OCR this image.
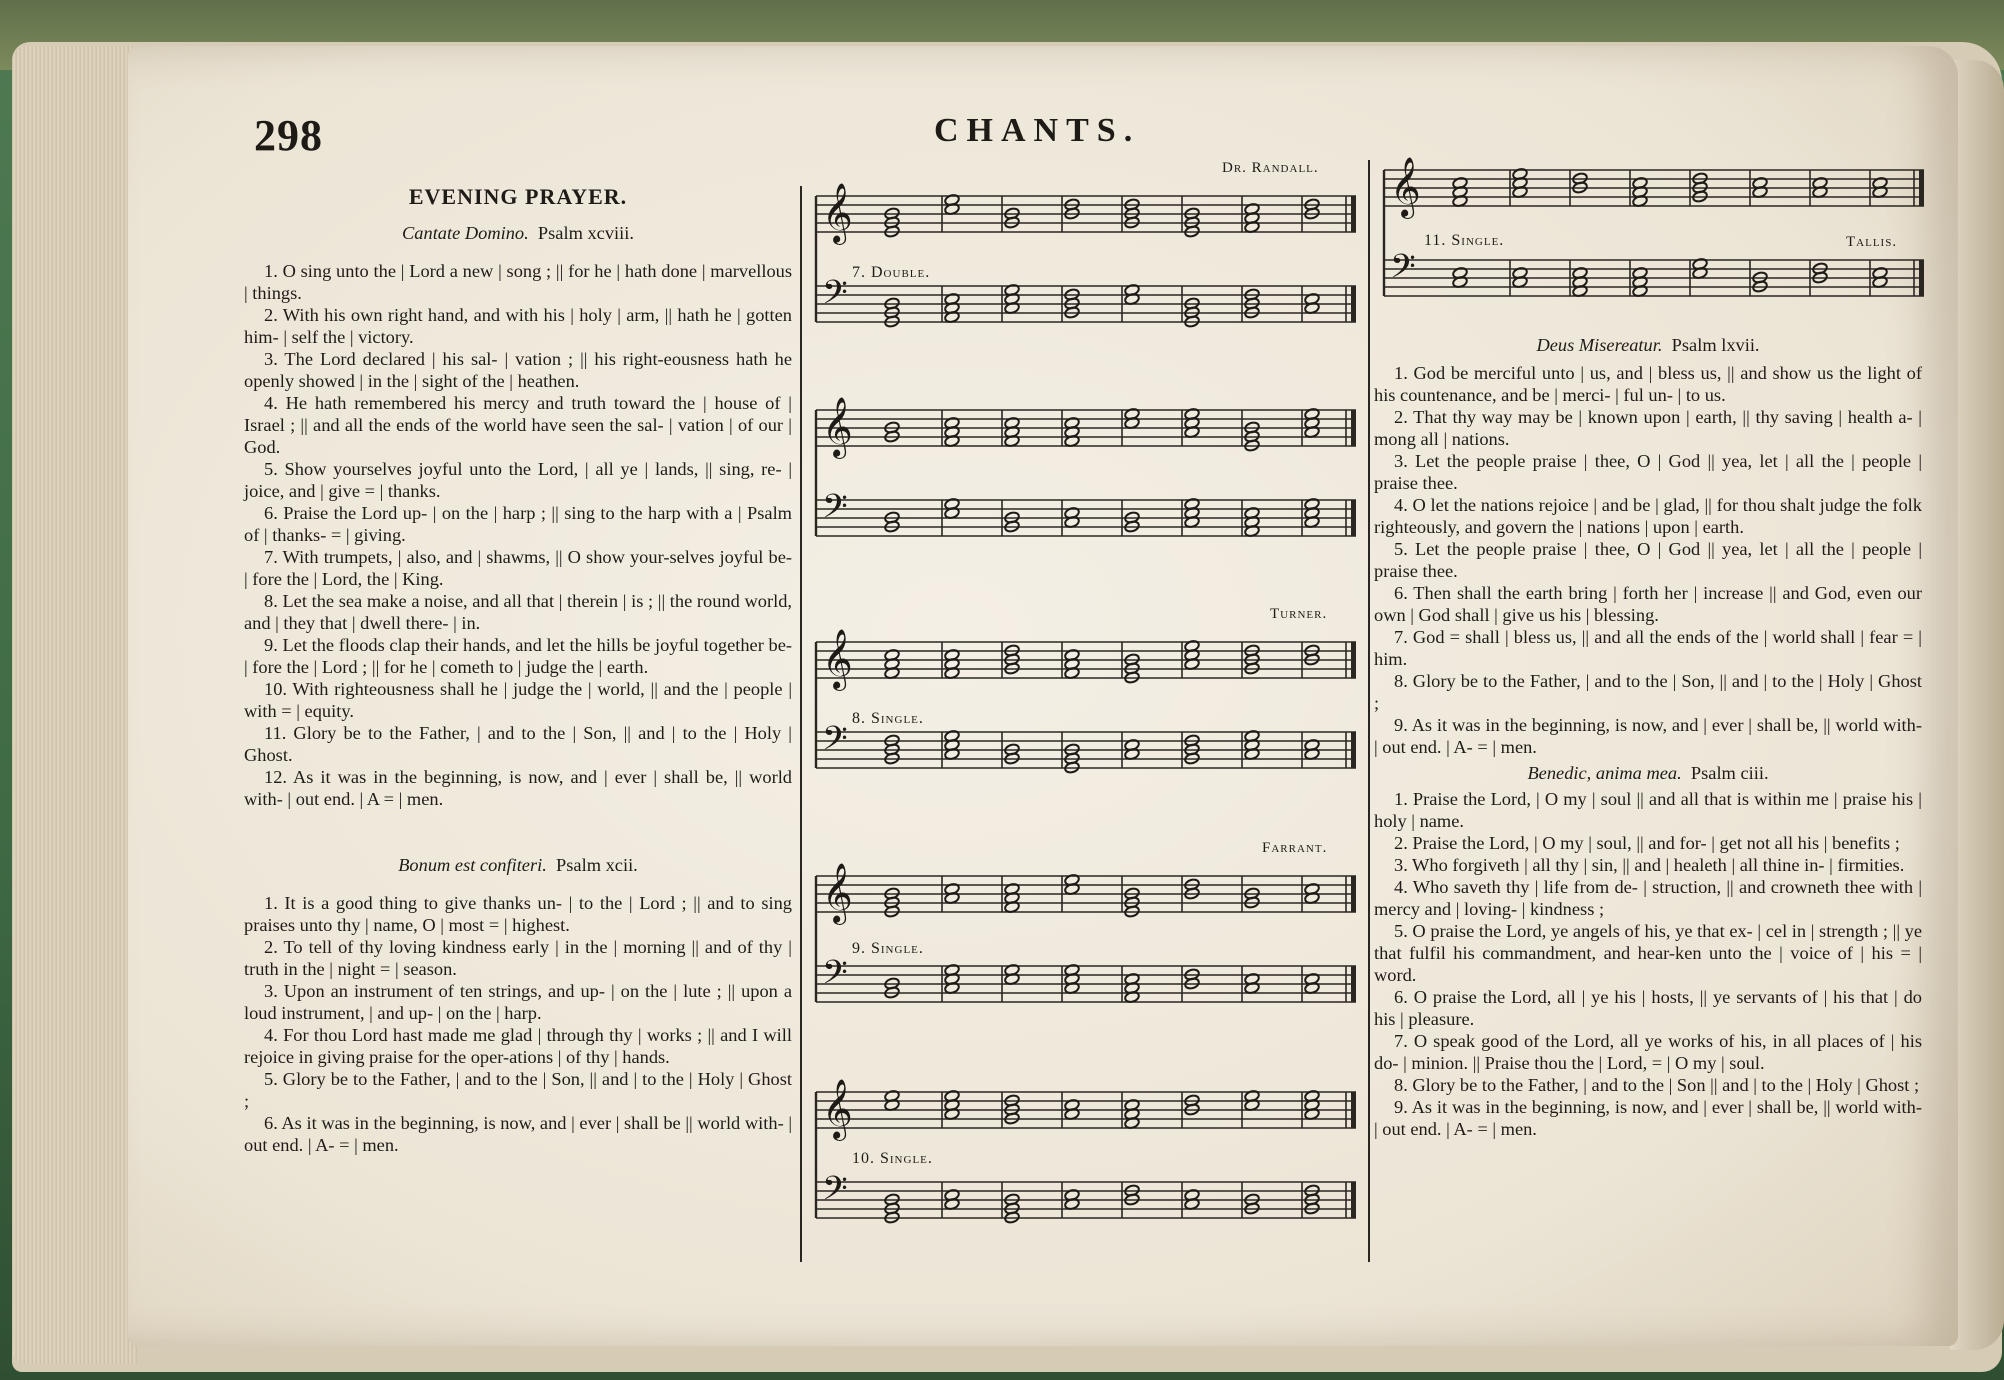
298	CHANTS.
EVENING PRAYER.
Cantate Domino. Psalm xcviii.

1. O sing unto the | Lord a new | song ; || for he | hath done | marvellous | things.

2. With his own right hand, and with his | holy | arm, || hath he | gotten him- | self the | victory.

3. The Lord declared | his sal- | vation ; || his right-eousness hath he openly showed | in the | sight of the | heathen.

4. He hath remembered his mercy and truth toward the | house of | Israel ; || and all the ends of the world have seen the sal- | vation | of our | God.

5. Show yourselves joyful unto the Lord, | all ye | lands, || sing, re- | joice, and | give = | thanks.

6. Praise the Lord up- | on the | harp ; || sing to the harp with a | Psalm of | thanks- = | giving.

7. With trumpets, | also, and | shawms, || O show your-selves joyful be- | fore the | Lord, the | King.

8. Let the sea make a noise, and all that | therein | is ; || the round world, and | they that | dwell there- | in.

9. Let the floods clap their hands, and let the hills be joyful together be- | fore the | Lord ; || for he | cometh to | judge the | earth.

10. With righteousness shall he | judge the | world, || and the | people | with = | equity.

11. Glory be to the Father, | and to the | Son, || and | to the | Holy | Ghost.

12. As it was in the beginning, is now, and | ever | shall be, || world with- | out end. | A = | men.

Bonum est confiteri. Psalm xcii.

1. It is a good thing to give thanks un- | to the | Lord ; || and to sing praises unto thy | name, O | most = | highest.

2. To tell of thy loving kindness early | in the | morning || and of thy | truth in the | night = | season.

3. Upon an instrument of ten strings, and up- | on the | lute ; || upon a loud instrument, | and up- | on the | harp.

4. For thou Lord hast made me glad | through thy | works ; || and I will rejoice in giving praise for the oper-ations | of thy | hands.

5. Glory be to the Father, | and to the | Son, || and | to the | Holy | Ghost ;

6. As it was in the beginning, is now, and | ever | shall be || world with- | out end. | A- = | men.

Dr. Randall.
𝄞
𝄢
7. Double.
𝄞
𝄢
Turner.
𝄞
𝄢
8. Single.
Farrant.
𝄞
𝄢
9. Single.
𝄞
𝄢
10. Single.
𝄞
𝄢
11. Single.	Tallis.
Deus Misereatur. Psalm lxvii.

1. God be merciful unto | us, and | bless us, || and show us the light of his countenance, and be | merci- | ful un- | to us.

2. That thy way may be | known upon | earth, || thy saving | health a- | mong all | nations.

3. Let the people praise | thee, O | God || yea, let | all the | people | praise thee.

4. O let the nations rejoice | and be | glad, || for thou shalt judge the folk righteously, and govern the | nations | upon | earth.

5. Let the people praise | thee, O | God || yea, let | all the | people | praise thee.

6. Then shall the earth bring | forth her | increase || and God, even our own | God shall | give us his | blessing.

7. God = shall | bless us, || and all the ends of the | world shall | fear = | him.

8. Glory be to the Father, | and to the | Son, || and | to the | Holy | Ghost ;

9. As it was in the beginning, is now, and | ever | shall be, || world with- | out end. | A- = | men.

Benedic, anima mea. Psalm ciii.

1. Praise the Lord, | O my | soul || and all that is within me | praise his | holy | name.

2. Praise the Lord, | O my | soul, || and for- | get not all his | benefits ;

3. Who forgiveth | all thy | sin, || and | healeth | all thine in- | firmities.

4. Who saveth thy | life from de- | struction, || and crowneth thee with | mercy and | loving- | kindness ;

5. O praise the Lord, ye angels of his, ye that ex- | cel in | strength ; || ye that fulfil his commandment, and hear-ken unto the | voice of | his = | word.

6. O praise the Lord, all | ye his | hosts, || ye servants of | his that | do his | pleasure.

7. O speak good of the Lord, all ye works of his, in all places of | his do- | minion. || Praise thou the | Lord, = | O my | soul.

8. Glory be to the Father, | and to the | Son || and | to the | Holy | Ghost ;

9. As it was in the beginning, is now, and | ever | shall be, || world with- | out end. | A- = | men.
